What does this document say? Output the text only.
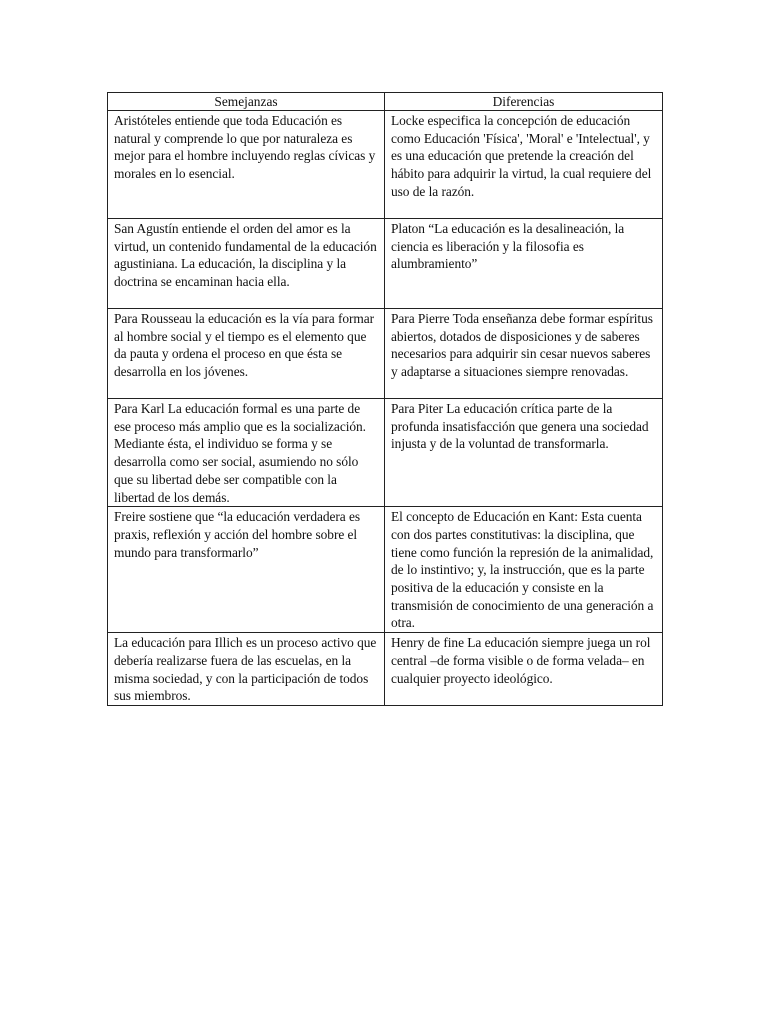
Semejanzas	Diferencias
Aristóteles entiende que toda Educación es natural y comprende lo que por naturaleza es mejor para el hombre incluyendo reglas cívicas y morales en lo esencial.	Locke especifica la concepción de educación como Educación 'Física', 'Moral' e 'Intelectual', y es una educación que pretende la creación del hábito para adquirir la virtud, la cual requiere del uso de la razón.
San Agustín entiende el orden del amor es la virtud, un contenido fundamental de la educación agustiniana. La educación, la disciplina y la doctrina se encaminan hacia ella.	Platon “La educación es la desalineación, la ciencia es liberación y la filosofia es alumbramiento”
Para Rousseau la educación es la vía para formar al hombre social y el tiempo es el elemento que da pauta y ordena el proceso en que ésta se desarrolla en los jóvenes.	Para Pierre Toda enseñanza debe formar espíritus abiertos, dotados de disposiciones y de saberes necesarios para adquirir sin cesar nuevos saberes y adaptarse a situaciones siempre renovadas.
Para Karl La educación formal es una parte de ese proceso más amplio que es la socialización. Mediante ésta, el individuo se forma y se desarrolla como ser social, asumiendo no sólo que su libertad debe ser compatible con la libertad de los demás.	Para Piter La educación crítica parte de la profunda insatisfacción que genera una sociedad injusta y de la voluntad de transformarla.
Freire sostiene que “la educación verdadera es praxis, reflexión y acción del hombre sobre el mundo para transformarlo”	El concepto de Educación en Kant: Esta cuenta con dos partes constitutivas: la disciplina, que tiene como función la represión de la animalidad, de lo instintivo; y, la instrucción, que es la parte positiva de la educación y consiste en la transmisión de conocimiento de una generación a otra.
La educación para Illich es un proceso activo que debería realizarse fuera de las escuelas, en la misma sociedad, y con la participación de todos sus miembros.	Henry de fine La educación siempre juega un rol central –de forma visible o de forma velada– en cualquier proyecto ideológico.
